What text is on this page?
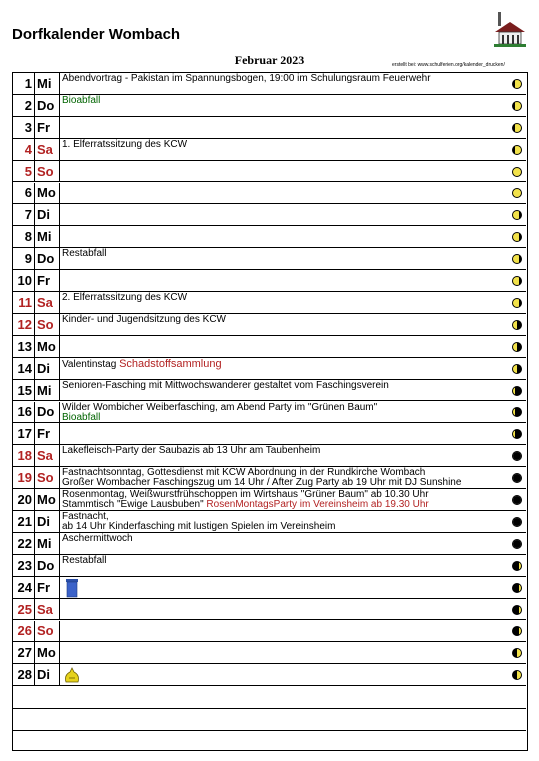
Dorfkalender Wombach
Februar 2023	erstellt bei: www.schulferien.org/kalender_drucken/
1 Mi	Abendvortrag - Pakistan im Spannungsbogen, 19:00 im Schulungsraum Feuerwehr
2 Do Bioabfall
3 Fr
4 Sa 1. Elferratssitzung des KCW
5 So
6 Mo
7 Di
8 Mi
9 Do Restabfall
10 Fr
11 Sa 2. Elferratssitzung des KCW
12 So Kinder- und Jugendsitzung des KCW
13 Mo
14 Di	Valentinstag Schadstoffsammlung
15 Mi	Senioren-Fasching mit Mittwochswanderer gestaltet vom Faschingsverein
16 Do Wilder Wombicher Weiberfasching, am Abend Party im "Grünen Baum"
Bioabfall
17 Fr
18 Sa Lakefleisch-Party der Saubazis ab 13 Uhr am Taubenheim
19 So Fastnachtsonntag, Gottesdienst mit KCW Abordnung in der Rundkirche Wombach
Großer Wombacher Faschingszug um 14 Uhr / After Zug Party ab 19 Uhr mit DJ Sunshine
20 Mo Rosenmontag, Weißwurstfrühschoppen im Wirtshaus "Grüner Baum" ab 10.30 Uhr
Stammtisch "Ewige Lausbuben" RosenMontagsParty im Vereinsheim ab 19.30 Uhr
21 Di	Fastnacht,
ab 14 Uhr Kinderfasching mit lustigen Spielen im Vereinsheim
22 Mi	Aschermittwoch
23 Do Restabfall
24 Fr
25 Sa
26 So
27 Mo
28 Di
